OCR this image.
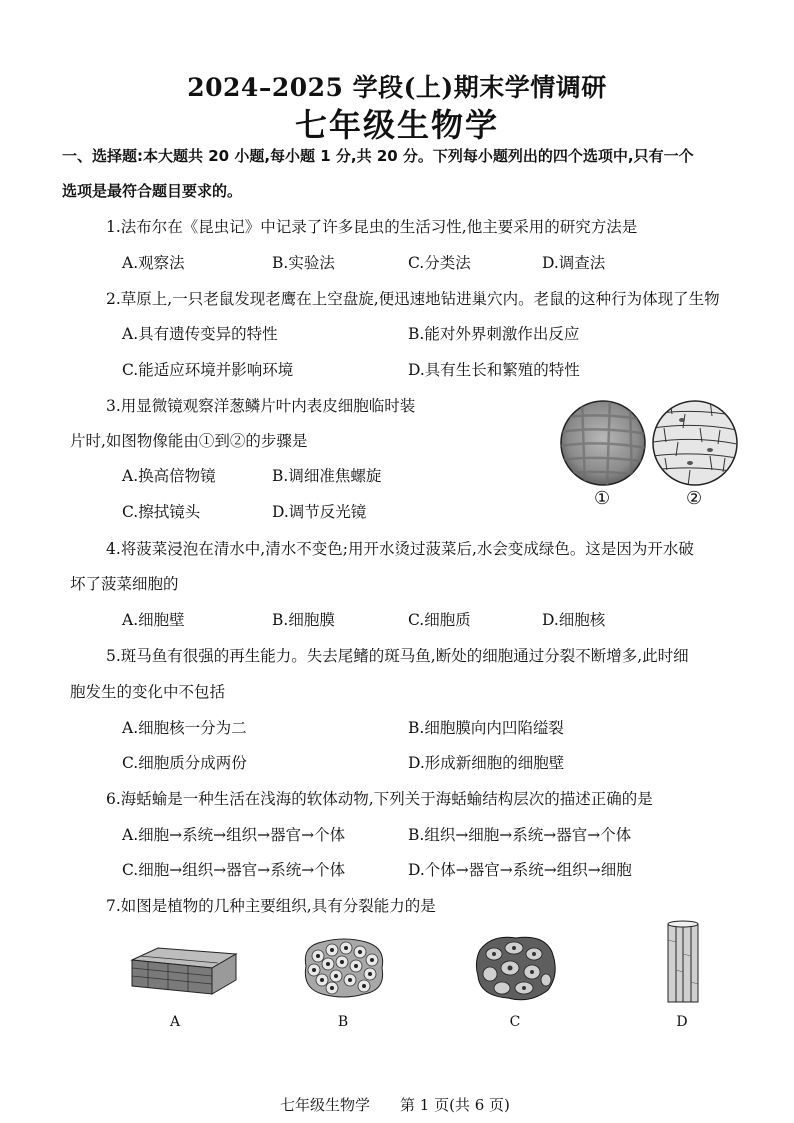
2024–2025 学段(上)期末学情调研
七年级生物学
一、选择题:本大题共 20 小题,每小题 1 分,共 20 分。下列每小题列出的四个选项中,只有一个
选项是最符合题目要求的。
1.法布尔在《昆虫记》中记录了许多昆虫的生活习性,他主要采用的研究方法是
A.观察法	B.实验法	C.分类法	D.调查法
2.草原上,一只老鼠发现老鹰在上空盘旋,便迅速地钻进巢穴内。老鼠的这种行为体现了生物
A.具有遗传变异的特性	B.能对外界刺激作出反应
C.能适应环境并影响环境	D.具有生长和繁殖的特性
3.用显微镜观察洋葱鳞片叶内表皮细胞临时装
片时,如图物像能由①到②的步骤是
A.换高倍物镜	B.调细准焦螺旋
C.擦拭镜头	D.调节反光镜
①	②
4.将菠菜浸泡在清水中,清水不变色;用开水烫过菠菜后,水会变成绿色。这是因为开水破
坏了菠菜细胞的
A.细胞壁	B.细胞膜	C.细胞质	D.细胞核
5.斑马鱼有很强的再生能力。失去尾鳍的斑马鱼,断处的细胞通过分裂不断增多,此时细
胞发生的变化中不包括
A.细胞核一分为二	B.细胞膜向内凹陷缢裂
C.细胞质分成两份	D.形成新细胞的细胞壁
6.海蛞蝓是一种生活在浅海的软体动物,下列关于海蛞蝓结构层次的描述正确的是
A.细胞→系统→组织→器官→个体	B.组织→细胞→系统→器官→个体
C.细胞→组织→器官→系统→个体	D.个体→器官→系统→组织→细胞
7.如图是植物的几种主要组织,具有分裂能力的是
A	B	C	D
七年级生物学　　第 1 页(共 6 页)
